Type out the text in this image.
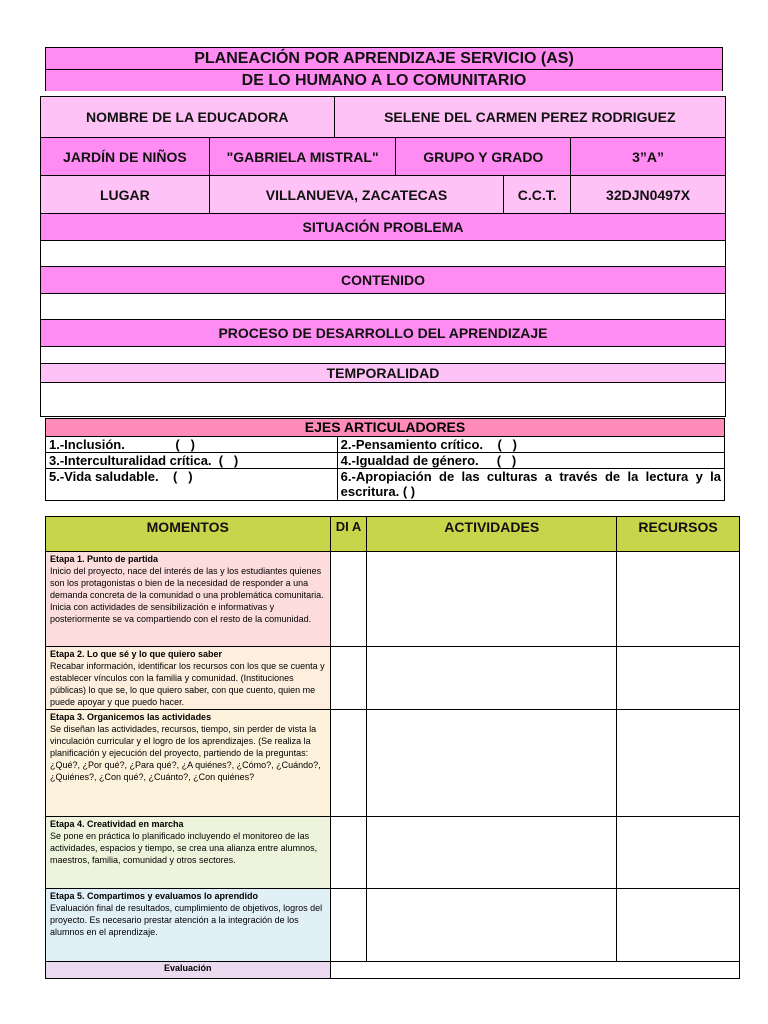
PLANEACIÓN POR APRENDIZAJE SERVICIO (AS)
DE LO HUMANO A LO COMUNITARIO
NOMBRE DE LA EDUCADORA		SELENE DEL CARMEN PEREZ RODRIGUEZ			
JARDÍN DE NIÑOS	"GABRIELA MISTRAL"		GRUPO Y GRADO		3”A”
LUGAR	VILLANUEVA, ZACATECAS			C.C.T.	32DJN0497X
SITUACIÓN PROBLEMA					

CONTENIDO					

PROCESO DE DESARROLLO DEL APRENDIZAJE					

TEMPORALIDAD					

EJES ARTICULADORES	
1.-Inclusión.              (   )	2.-Pensamiento crítico.    (   )
3.-Interculturalidad crítica.  (   )	4.-Igualdad de género.     (   )
5.-Vida saludable.    (   )	6.-Apropiación de las culturas a través de la lectura y la escritura. ( )
MOMENTOS	DI A	ACTIVIDADES	RECURSOS

Etapa 1. Punto de partida
Inicio del proyecto, nace del interés de las y los estudiantes quienes son los protagonistas o bien de la necesidad de responder a una demanda concreta de la comunidad o una problemática comunitaria. Inicia con actividades de sensibilización e informativas y posteriormente se va compartiendo con el resto de la comunidad.			

Etapa 2. Lo que sé y lo que quiero saber
Recabar información, identificar los recursos con los que se cuenta y establecer vínculos con la familia y comunidad. (Instituciones públicas) lo que se, lo que quiero saber, con que cuento, quien me puede apoyar y que puedo hacer.			

Etapa 3. Organicemos las actividades
Se diseñan las actividades, recursos, tiempo, sin perder de vista la vinculación curricular y el logro de los aprendizajes. (Se realiza la planificación y ejecución del proyecto, partiendo de la preguntas: ¿Qué?, ¿Por qué?, ¿Para qué?, ¿A quiénes?, ¿Cómo?, ¿Cuándo?, ¿Quiénes?, ¿Con qué?, ¿Cuánto?, ¿Con quiénes?			

Etapa 4. Creatividad en marcha
Se pone en práctica lo planificado incluyendo el monitoreo de las actividades, espacios y tiempo, se crea una alianza entre alumnos, maestros, familia, comunidad y otros sectores.			

Etapa 5. Compartimos y evaluamos lo aprendido
Evaluación final de resultados, cumplimiento de objetivos, logros del proyecto. Es necesario prestar atención a la integración de los alumnos en el aprendizaje.			
Evaluación			
